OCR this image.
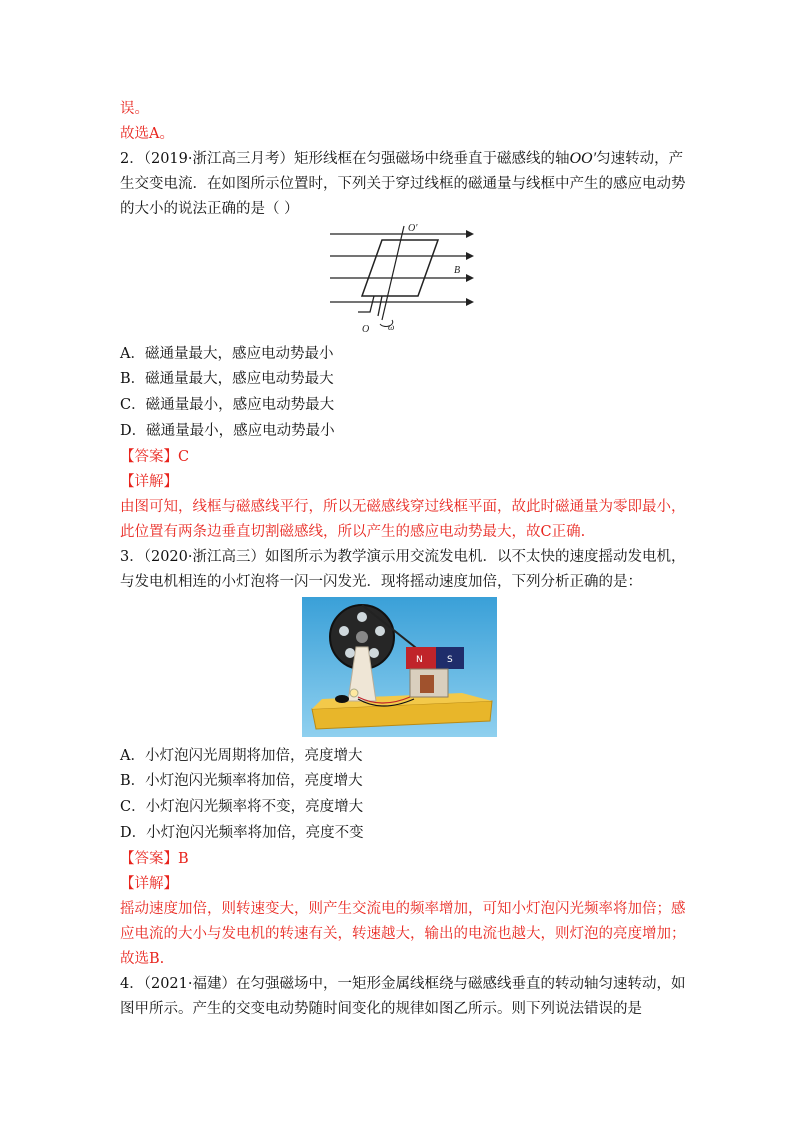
误。
故选A。
2．（2019·浙江高三月考）矩形线框在匀强磁场中绕垂直于磁感线的轴OO′匀速转动，产
生交变电流．在如图所示位置时，下列关于穿过线框的磁通量与线框中产生的感应电动势
的大小的说法正确的是（ ）
O′
B
O ω
A．磁通量最大，感应电动势最小
B．磁通量最大，感应电动势最大
C．磁通量最小，感应电动势最大
D．磁通量最小，感应电动势最小
【答案】C
【详解】
由图可知，线框与磁感线平行，所以无磁感线穿过线框平面，故此时磁通量为零即最小，
此位置有两条边垂直切割磁感线，所以产生的感应电动势最大，故C正确.
3．（2020·浙江高三）如图所示为教学演示用交流发电机．以不太快的速度摇动发电机，
与发电机相连的小灯泡将一闪一闪发光．现将摇动速度加倍，下列分析正确的是：
N	S
A．小灯泡闪光周期将加倍，亮度增大
B．小灯泡闪光频率将加倍，亮度增大
C．小灯泡闪光频率将不变，亮度增大
D．小灯泡闪光频率将加倍，亮度不变
【答案】B
【详解】
摇动速度加倍，则转速变大，则产生交流电的频率增加，可知小灯泡闪光频率将加倍；感
应电流的大小与发电机的转速有关，转速越大，输出的电流也越大，则灯泡的亮度增加；
故选B.
4．（2021·福建）在匀强磁场中，一矩形金属线框绕与磁感线垂直的转动轴匀速转动，如
图甲所示。产生的交变电动势随时间变化的规律如图乙所示。则下列说法错误的是
